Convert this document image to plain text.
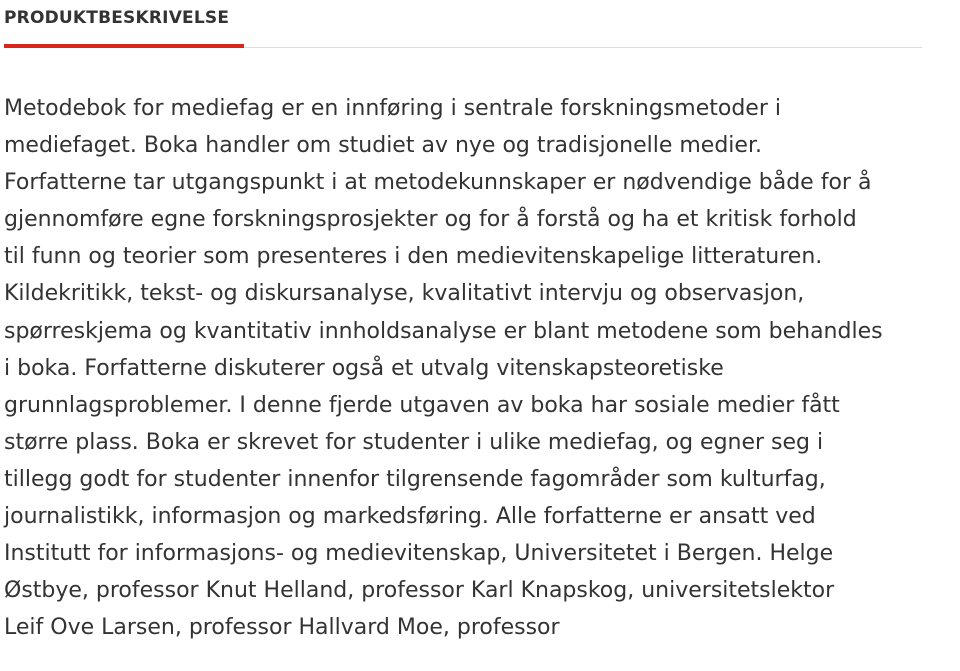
PRODUKTBESKRIVELSE

Metodebok for mediefag er en innføring i sentrale forskningsmetoder i
mediefaget. Boka handler om studiet av nye og tradisjonelle medier.
Forfatterne tar utgangspunkt i at metodekunnskaper er nødvendige både for å
gjennomføre egne forskningsprosjekter og for å forstå og ha et kritisk forhold
til funn og teorier som presenteres i den medievitenskapelige litteraturen.
Kildekritikk, tekst- og diskursanalyse, kvalitativt intervju og observasjon,
spørreskjema og kvantitativ innholdsanalyse er blant metodene som behandles
i boka. Forfatterne diskuterer også et utvalg vitenskapsteoretiske
grunnlagsproblemer. I denne fjerde utgaven av boka har sosiale medier fått
større plass. Boka er skrevet for studenter i ulike mediefag, og egner seg i
tillegg godt for studenter innenfor tilgrensende fagområder som kulturfag,
journalistikk, informasjon og markedsføring. Alle forfatterne er ansatt ved
Institutt for informasjons- og medievitenskap, Universitetet i Bergen. Helge
Østbye, professor Knut Helland, professor Karl Knapskog, universitetslektor
Leif Ove Larsen, professor Hallvard Moe, professor
